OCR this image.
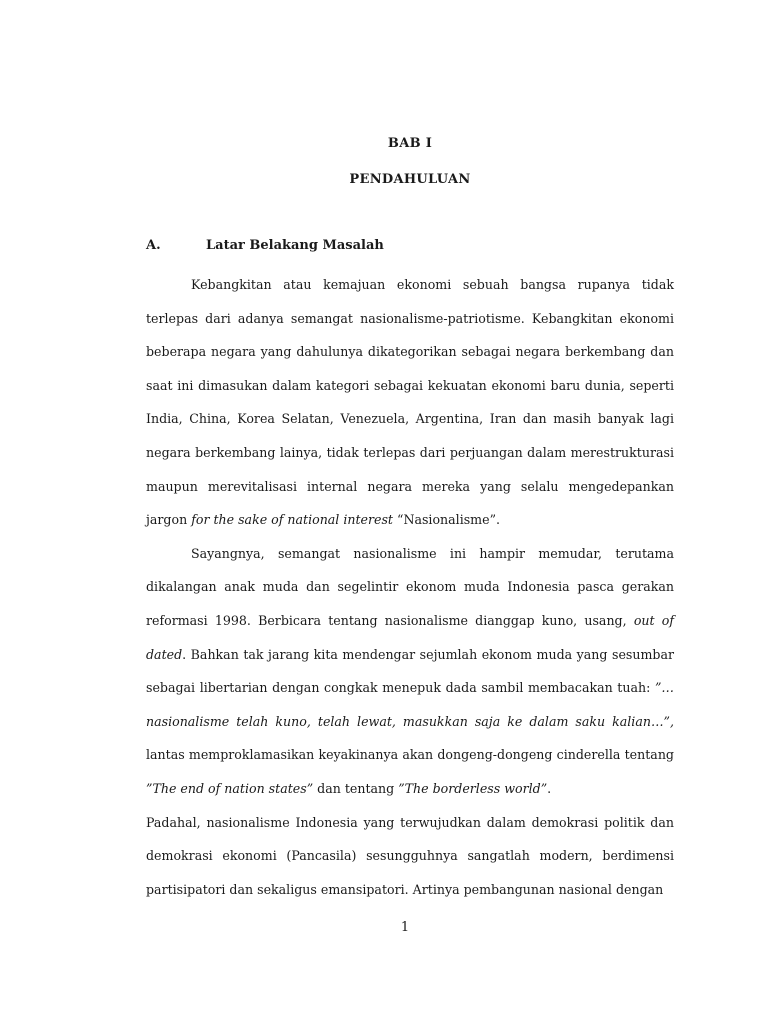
BAB I
PENDAHULUAN
A.	Latar Belakang Masalah

Kebangkitan atau kemajuan ekonomi sebuah bangsa rupanya tidak terlepas dari adanya semangat nasionalisme-patriotisme. Kebangkitan ekonomi beberapa negara yang dahulunya dikategorikan sebagai negara berkembang dan saat ini dimasukan dalam kategori sebagai kekuatan ekonomi baru dunia, seperti India, China, Korea Selatan, Venezuela, Argentina, Iran dan masih banyak lagi negara berkembang lainya, tidak terlepas dari perjuangan dalam merestrukturasi maupun merevitalisasi internal negara mereka yang selalu mengedepankan jargon for the sake of national interest “Nasionalisme”.

Sayangnya, semangat nasionalisme ini hampir memudar, terutama dikalangan anak muda dan segelintir ekonom muda Indonesia pasca gerakan reformasi 1998. Berbicara tentang nasionalisme dianggap kuno, usang, out of dated. Bahkan tak jarang kita mendengar sejumlah ekonom muda yang sesumbar sebagai libertarian dengan congkak menepuk dada sambil membacakan tuah: ”…nasionalisme telah kuno, telah lewat, masukkan saja ke dalam saku kalian…”, lantas memproklamasikan keyakinanya akan dongeng-dongeng cinderella tentang ”The end of nation states” dan tentang ”The borderless world”.

Padahal, nasionalisme Indonesia yang terwujudkan dalam demokrasi politik dan demokrasi ekonomi (Pancasila) sesungguhnya sangatlah modern, berdimensi partisipatori dan sekaligus emansipatori. Artinya pembangunan nasional dengan

1
